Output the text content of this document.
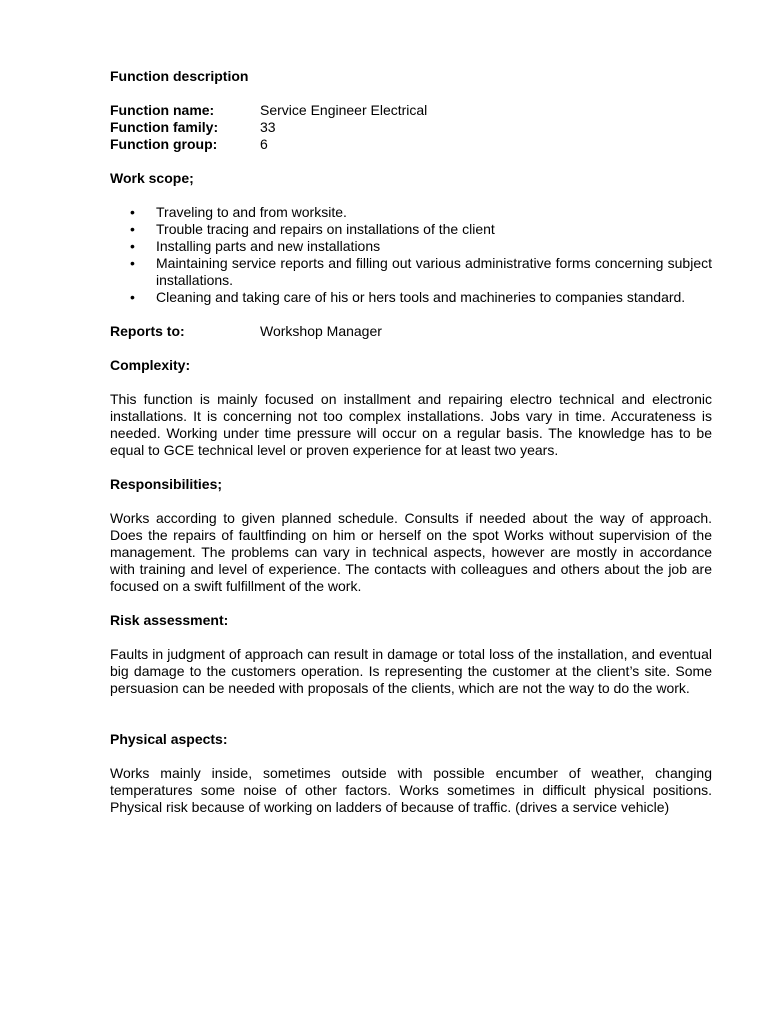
Function description
Function name:	Service Engineer Electrical
Function family:	33
Function group:	6
Work scope;
• Traveling to and from worksite.
• Trouble tracing and repairs on installations of the client
• Installing parts and new installations
• Maintaining service reports and filling out various administrative forms concerning subject installations.
• Cleaning and taking care of his or hers tools and machineries to companies standard.
Reports to:	Workshop Manager
Complexity:

This function is mainly focused on installment and repairing electro technical and electronic installations. It is concerning not too complex installations. Jobs vary in time. Accurateness is needed. Working under time pressure will occur on a regular basis. The knowledge has to be equal to GCE technical level or proven experience for at least two years.

Responsibilities;

Works according to given planned schedule. Consults if needed about the way of approach. Does the repairs of faultfinding on him or herself on the spot Works without supervision of the management. The problems can vary in technical aspects, however are mostly in accordance with training and level of experience. The contacts with colleagues and others about the job are focused on a swift fulfillment of the work.

Risk assessment:

Faults in judgment of approach can result in damage or total loss of the installation, and eventual big damage to the customers operation. Is representing the customer at the client’s site. Some persuasion can be needed with proposals of the clients, which are not the way to do the work.

Physical aspects:

Works mainly inside, sometimes outside with possible encumber of weather, changing temperatures some noise of other factors. Works sometimes in difficult physical positions. Physical risk because of working on ladders of because of traffic. (drives a service vehicle)
